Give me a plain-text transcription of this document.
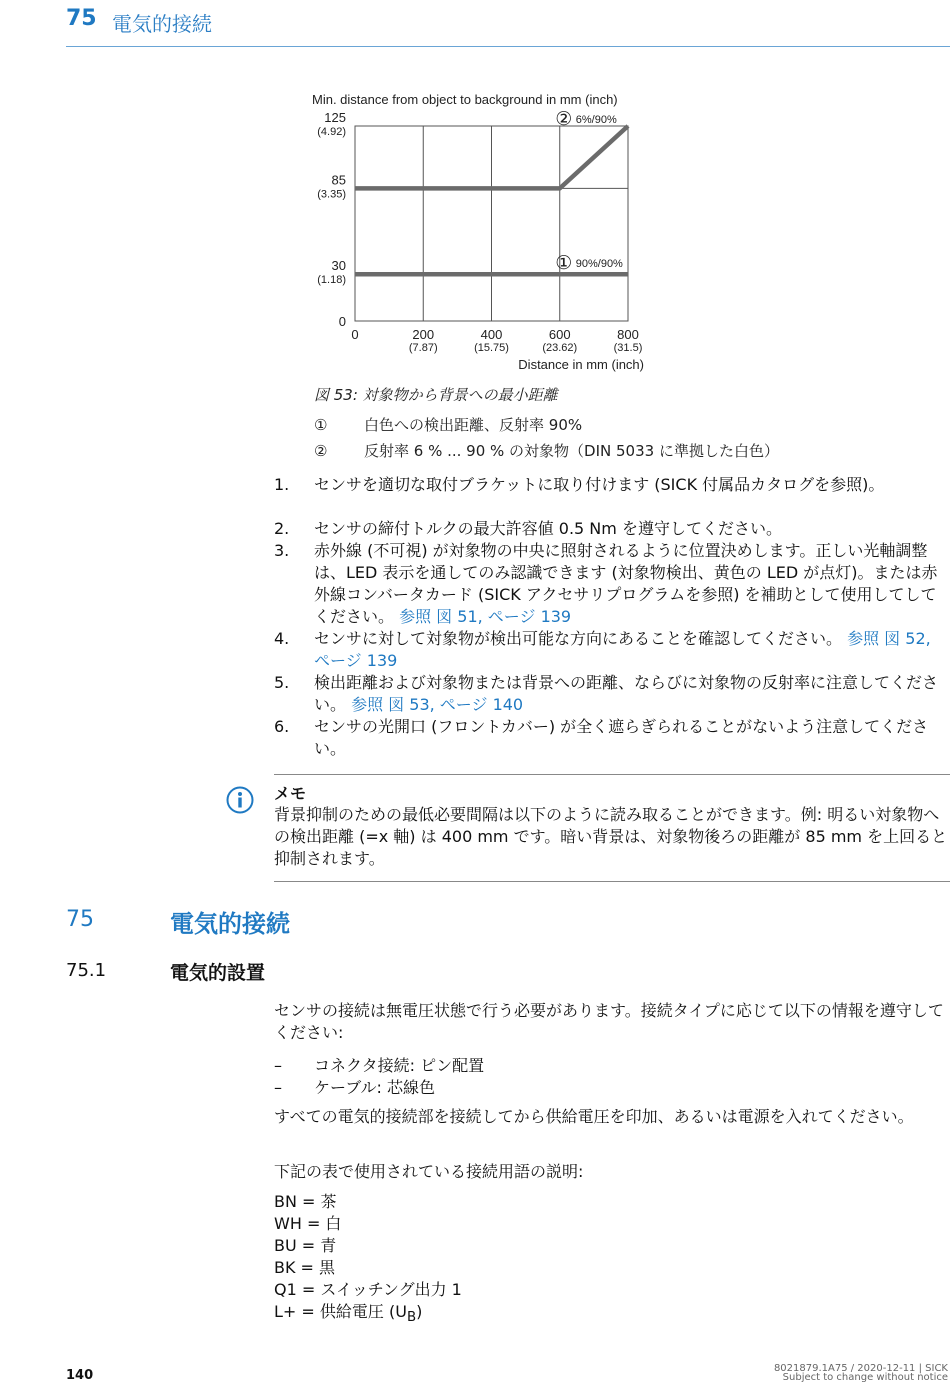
75 電気的接続
Min. distance from object to background in mm (inch)
0
30
(1.18)
85
(3.35)
125
(4.92)
0	200
(7.87)
400
(15.75)
600
(23.62)
800
(31.5)
② 6%/90%
① 90%/90%
Distance in mm (inch)
図 53: 対象物から背景への最小距離
① 白色への検出距離、反射率 90%
② 反射率 6 % ... 90 % の対象物（DIN 5033 に準拠した白色）
1. センサを適切な取付ブラケットに取り付けます (SICK 付属品カタログを参照)。
2. センサの締付トルクの最大許容値 0.5 Nm を遵守してください。
3. 赤外線 (不可視) が対象物の中央に照射されるように位置決めします。正しい光軸調整は、LED 表示を通してのみ認識できます (対象物検出、黄色の LED が点灯)。または赤外線コンバータカード (SICK アクセサリプログラムを参照) を補助として使用してしてください。 参照 図 51, ページ 139
4. センサに対して対象物が検出可能な方向にあることを確認してください。 参照 図 52, ページ 139
5. 検出距離および対象物または背景への距離、ならびに対象物の反射率に注意してください。 参照 図 53, ページ 140
6. センサの光開口 (フロントカバー) が全く遮らぎられることがないよう注意してください。
メモ
背景抑制のための最低必要間隔は以下のように読み取ることができます。例: 明るい対象物への検出距離 (=x 軸) は 400 mm です。暗い背景は、対象物後ろの距離が 85 mm を上回ると抑制されます。
75	電気的接続
75.1	電気的設置
センサの接続は無電圧状態で行う必要があります。接続タイプに応じて以下の情報を遵守してください:
– コネクタ接続: ピン配置
– ケーブル: 芯線色
すべての電気的接続部を接続してから供給電圧を印加、あるいは電源を入れてください。
下記の表で使用されている接続用語の説明:
BN = 茶
WH = 白
BU = 青
BK = 黒
Q1 = スイッチング出力 1
L+ = 供給電圧 $(U_B)$
140	8021879.1A75 / 2020-12-11 | SICK
Subject to change without notice
